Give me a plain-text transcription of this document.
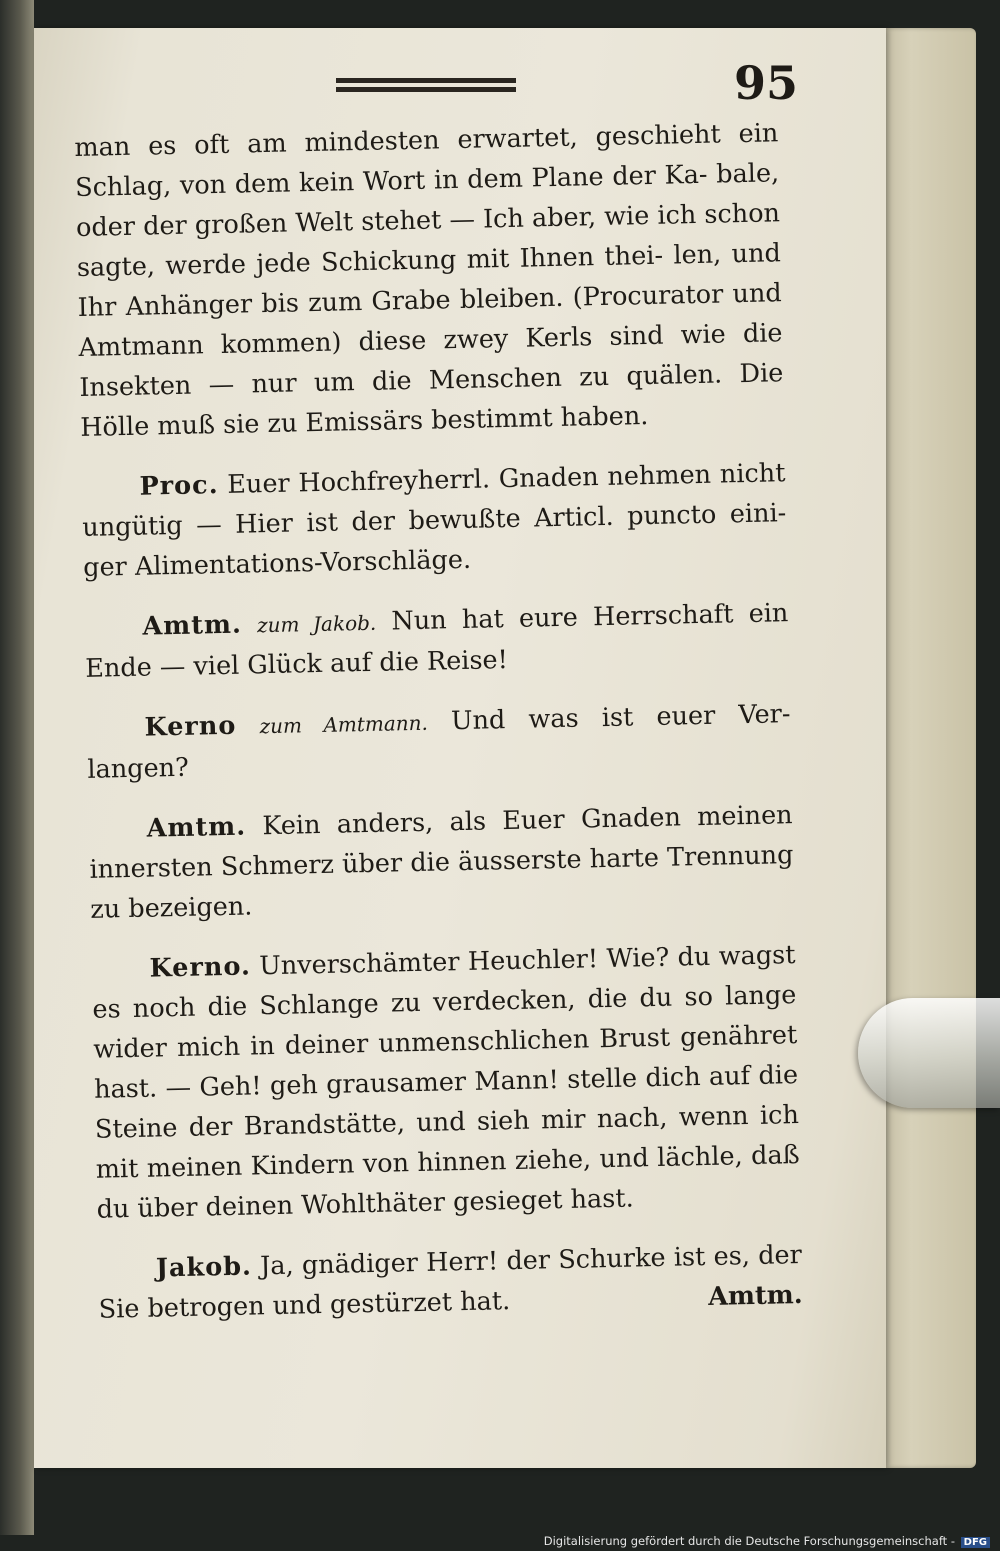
95

man es oft am mindesten erwartet, geschieht ein Schlag, von dem kein Wort in dem Plane der Ka- bale, oder der großen Welt stehet — Ich aber, wie ich schon sagte, werde jede Schickung mit Ihnen thei- len, und Ihr Anhänger bis zum Grabe bleiben. (Procurator und Amtmann kommen) diese zwey Kerls sind wie die Insekten — nur um die Menschen zu quälen. Die Hölle muß sie zu Emissärs bestimmt haben.

Proc. Euer Hochfreyherrl. Gnaden nehmen nicht ungütig — Hier ist der bewußte Articl. puncto eini- ger Alimentations-Vorschläge.

Amtm. zum Jakob. Nun hat eure Herrschaft ein Ende — viel Glück auf die Reise!

Kerno zum Amtmann. Und was ist euer Ver- langen?

Amtm. Kein anders, als Euer Gnaden meinen innersten Schmerz über die äusserste harte Trennung zu bezeigen.

Kerno. Unverschämter Heuchler! Wie? du wagst es noch die Schlange zu verdecken, die du so lange wider mich in deiner unmenschlichen Brust genähret hast. — Geh! geh grausamer Mann! stelle dich auf die Steine der Brandstätte, und sieh mir nach, wenn ich mit meinen Kindern von hinnen ziehe, und lächle, daß du über deinen Wohlthäter gesieget hast.

Jakob. Ja, gnädiger Herr! der Schurke ist es, der Sie betrogen und gestürzet hat.	Amtm.
Digitalisierung gefördert durch die Deutsche Forschungsgemeinschaft - DFG
